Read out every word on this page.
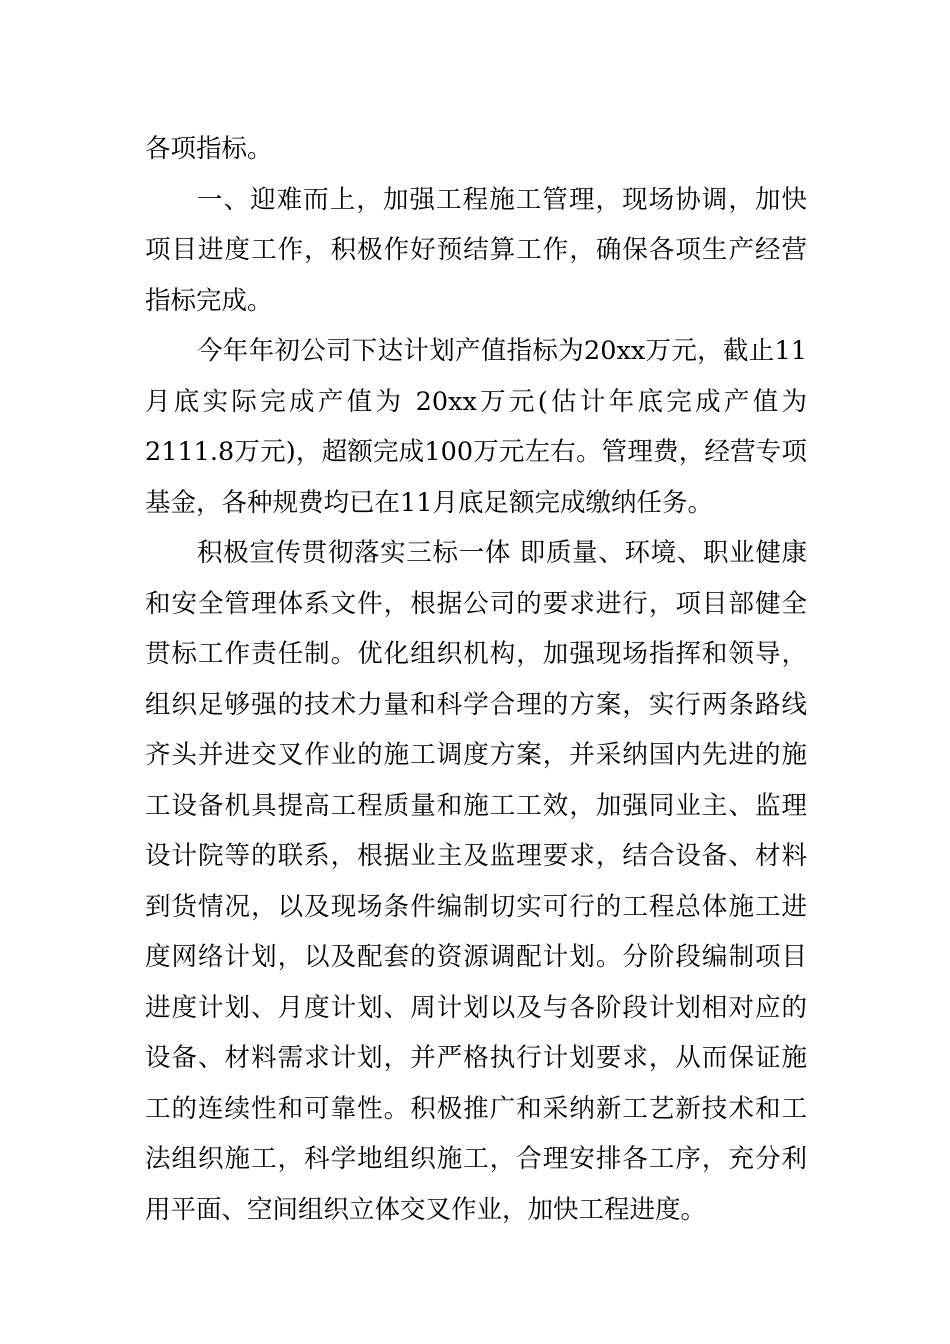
各项指标。
一、迎难而上，加强工程施工管理，现场协调，加快
项目进度工作，积极作好预结算工作，确保各项生产经营
指标完成。
今年年初公司下达计划产值指标为20xx万元，截止11
月底实际完成产值为 20xx万元(估计年底完成产值为
2111.8万元)，超额完成100万元左右。管理费，经营专项
基金，各种规费均已在11月底足额完成缴纳任务。
积极宣传贯彻落实三标一体 即质量、环境、职业健康
和安全管理体系文件，根据公司的要求进行，项目部健全
贯标工作责任制。优化组织机构，加强现场指挥和领导，
组织足够强的技术力量和科学合理的方案，实行两条路线
齐头并进交叉作业的施工调度方案，并采纳国内先进的施
工设备机具提高工程质量和施工工效，加强同业主、监理
设计院等的联系，根据业主及监理要求，结合设备、材料
到货情况，以及现场条件编制切实可行的工程总体施工进
度网络计划，以及配套的资源调配计划。分阶段编制项目
进度计划、月度计划、周计划以及与各阶段计划相对应的
设备、材料需求计划，并严格执行计划要求，从而保证施
工的连续性和可靠性。积极推广和采纳新工艺新技术和工
法组织施工，科学地组织施工，合理安排各工序，充分利
用平面、空间组织立体交叉作业，加快工程进度。
